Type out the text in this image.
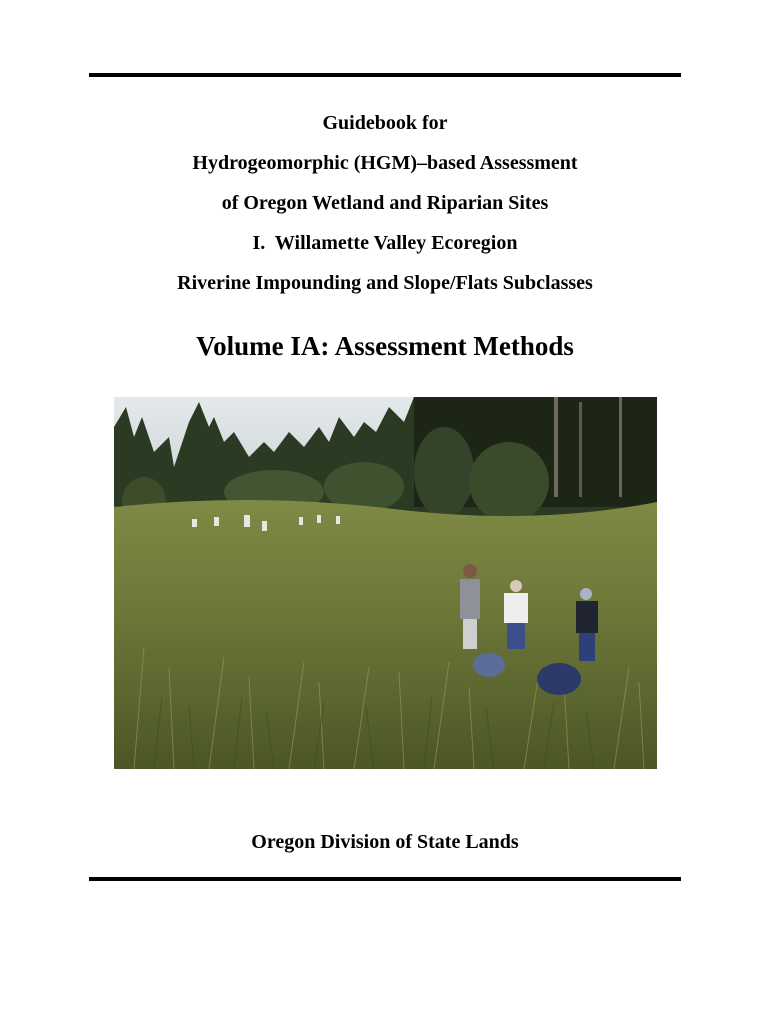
Guidebook for
Hydrogeomorphic (HGM)–based Assessment
of Oregon Wetland and Riparian Sites
I.  Willamette Valley Ecoregion
Riverine Impounding and Slope/Flats Subclasses
Volume IA: Assessment Methods
Oregon Division of State Lands
